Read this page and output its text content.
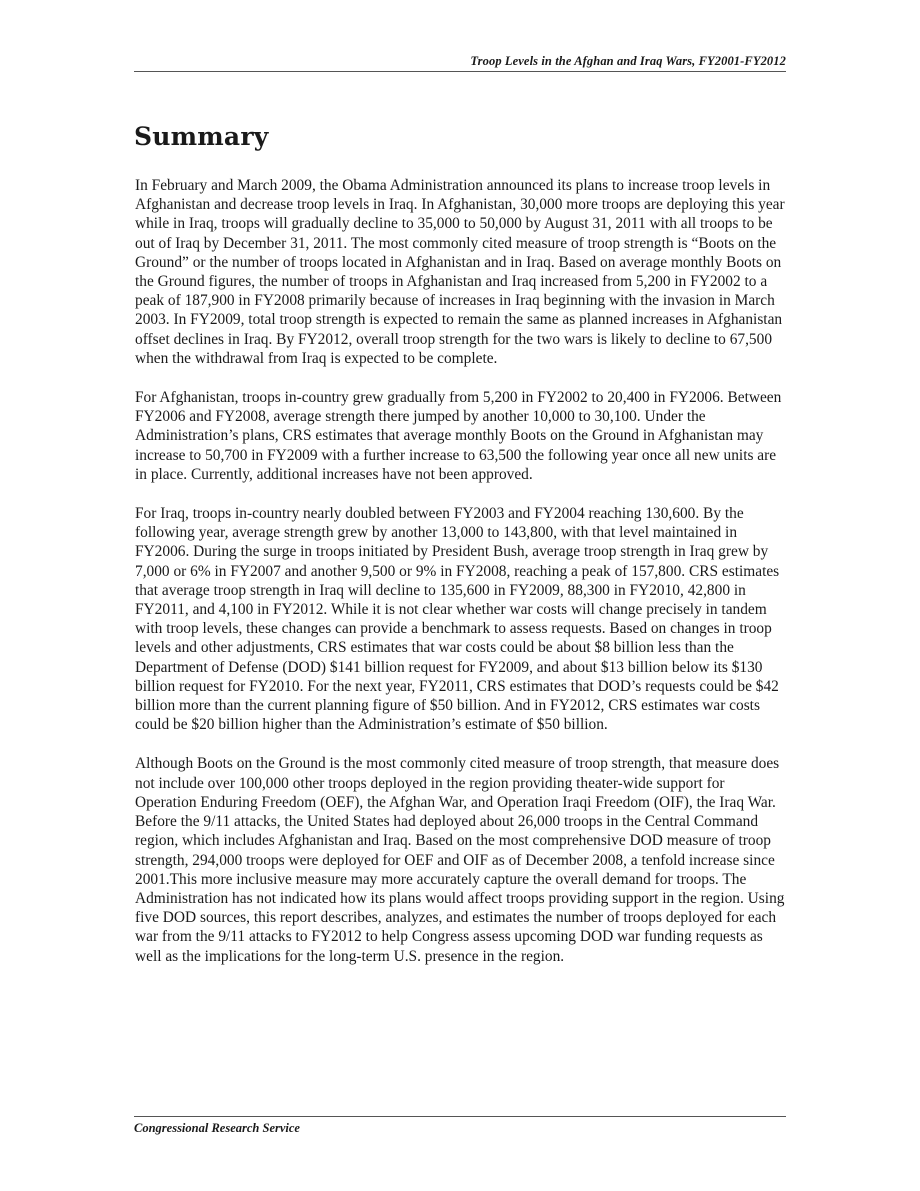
Troop Levels in the Afghan and Iraq Wars, FY2001-FY2012
Summary

In February and March 2009, the Obama Administration announced its plans to increase troop levels in Afghanistan and decrease troop levels in Iraq. In Afghanistan, 30,000 more troops are deploying this year while in Iraq, troops will gradually decline to 35,000 to 50,000 by August 31, 2011 with all troops to be out of Iraq by December 31, 2011. The most commonly cited measure of troop strength is “Boots on the Ground” or the number of troops located in Afghanistan and in Iraq. Based on average monthly Boots on the Ground figures, the number of troops in Afghanistan and Iraq increased from 5,200 in FY2002 to a peak of 187,900 in FY2008 primarily because of increases in Iraq beginning with the invasion in March 2003. In FY2009, total troop strength is expected to remain the same as planned increases in Afghanistan offset declines in Iraq. By FY2012, overall troop strength for the two wars is likely to decline to 67,500 when the withdrawal from Iraq is expected to be complete.

For Afghanistan, troops in-country grew gradually from 5,200 in FY2002 to 20,400 in FY2006. Between FY2006 and FY2008, average strength there jumped by another 10,000 to 30,100. Under the Administration’s plans, CRS estimates that average monthly Boots on the Ground in Afghanistan may increase to 50,700 in FY2009 with a further increase to 63,500 the following year once all new units are in place. Currently, additional increases have not been approved.

For Iraq, troops in-country nearly doubled between FY2003 and FY2004 reaching 130,600. By the following year, average strength grew by another 13,000 to 143,800, with that level maintained in FY2006. During the surge in troops initiated by President Bush, average troop strength in Iraq grew by 7,000 or 6% in FY2007 and another 9,500 or 9% in FY2008, reaching a peak of 157,800. CRS estimates that average troop strength in Iraq will decline to 135,600 in FY2009, 88,300 in FY2010, 42,800 in FY2011, and 4,100 in FY2012. While it is not clear whether war costs will change precisely in tandem with troop levels, these changes can provide a benchmark to assess requests. Based on changes in troop levels and other adjustments, CRS estimates that war costs could be about $8 billion less than the Department of Defense (DOD) $141 billion request for FY2009, and about $13 billion below its $130 billion request for FY2010. For the next year, FY2011, CRS estimates that DOD’s requests could be $42 billion more than the current planning figure of $50 billion. And in FY2012, CRS estimates war costs could be $20 billion higher than the Administration’s estimate of $50 billion.

Although Boots on the Ground is the most commonly cited measure of troop strength, that measure does not include over 100,000 other troops deployed in the region providing theater-wide support for Operation Enduring Freedom (OEF), the Afghan War, and Operation Iraqi Freedom (OIF), the Iraq War. Before the 9/11 attacks, the United States had deployed about 26,000 troops in the Central Command region, which includes Afghanistan and Iraq. Based on the most comprehensive DOD measure of troop strength, 294,000 troops were deployed for OEF and OIF as of December 2008, a tenfold increase since 2001.This more inclusive measure may more accurately capture the overall demand for troops. The Administration has not indicated how its plans would affect troops providing support in the region. Using five DOD sources, this report describes, analyzes, and estimates the number of troops deployed for each war from the 9/11 attacks to FY2012 to help Congress assess upcoming DOD war funding requests as well as the implications for the long-term U.S. presence in the region.

Congressional Research Service
